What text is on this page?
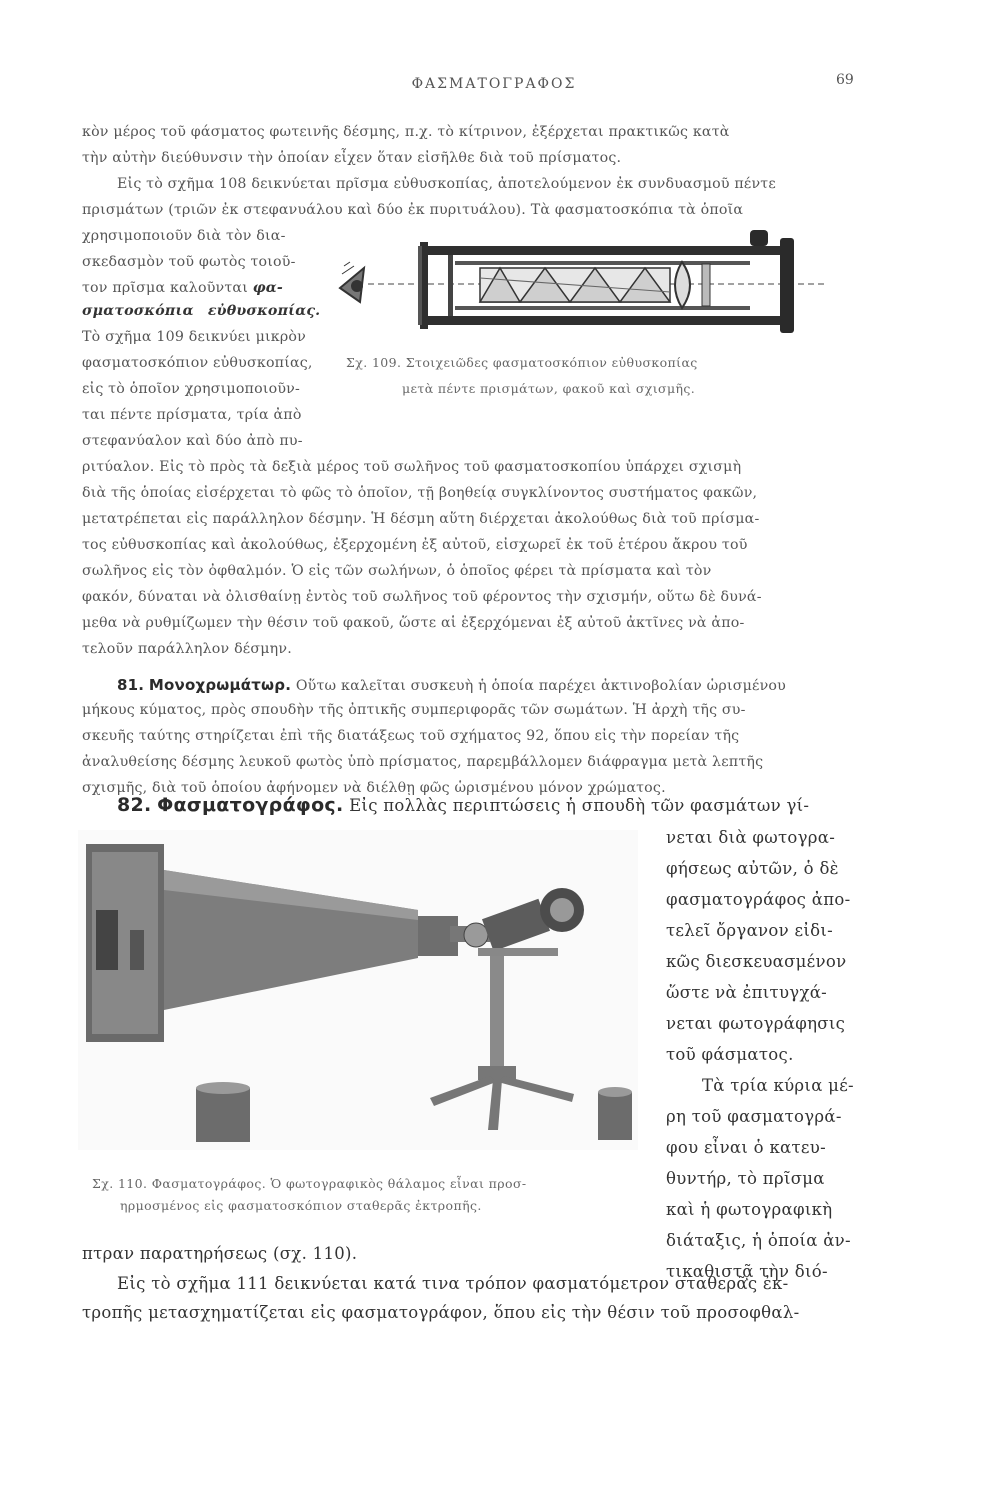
ΦΑΣΜΑΤΟΓΡΑΦΟΣ	69
κὸν μέρος τοῦ φάσματος φωτεινῆς δέσμης, π.χ. τὸ κίτρινον, ἐξέρχεται πρακτικῶς κατὰ
τὴν αὐτὴν διεύθυνσιν τὴν ὁποίαν εἶχεν ὅταν εἰσῆλθε διὰ τοῦ πρίσματος.
Εἰς τὸ σχῆμα 108 δεικνύεται πρῖσμα εὐθυσκοπίας, ἀποτελούμενον ἐκ συνδυασμοῦ πέντε
πρισμάτων (τριῶν ἐκ στεφανυάλου καὶ δύο ἐκ πυριτυάλου). Τὰ φασματοσκόπια τὰ ὁποῖα
χρησιμοποιοῦν διὰ τὸν δια-
σκεδασμὸν τοῦ φωτὸς τοιοῦ-
τον πρῖσμα καλοῦνται φα-
σματοσκόπια εὐθυσκοπίας.
Τὸ σχῆμα 109 δεικνύει μικρὸν
φασματοσκόπιον εὐθυσκοπίας,
εἰς τὸ ὁποῖον χρησιμοποιοῦν-
ται πέντε πρίσματα, τρία ἀπὸ
στεφανύαλον καὶ δύο ἀπὸ πυ-
Σχ. 109. Στοιχειῶδες φασματοσκόπιον εὐθυσκοπίας
μετὰ πέντε πρισμάτων, φακοῦ καὶ σχισμῆς.
ριτύαλον. Εἰς τὸ πρὸς τὰ δεξιὰ μέρος τοῦ σωλῆνος τοῦ φασματοσκοπίου ὑπάρχει σχισμὴ
διὰ τῆς ὁποίας εἰσέρχεται τὸ φῶς τὸ ὁποῖον, τῇ βοηθείᾳ συγκλίνοντος συστήματος φακῶν,
μετατρέπεται εἰς παράλληλον δέσμην. Ἡ δέσμη αὕτη διέρχεται ἀκολούθως διὰ τοῦ πρίσμα-
τος εὐθυσκοπίας καὶ ἀκολούθως, ἐξερχομένη ἐξ αὐτοῦ, εἰσχωρεῖ ἐκ τοῦ ἑτέρου ἄκρου τοῦ
σωλῆνος εἰς τὸν ὀφθαλμόν. Ὁ εἰς τῶν σωλήνων, ὁ ὁποῖος φέρει τὰ πρίσματα καὶ τὸν
φακόν, δύναται νὰ ὀλισθαίνῃ ἐντὸς τοῦ σωλῆνος τοῦ φέροντος τὴν σχισμήν, οὕτω δὲ δυνά-
μεθα νὰ ρυθμίζωμεν τὴν θέσιν τοῦ φακοῦ, ὥστε αἱ ἐξερχόμεναι ἐξ αὐτοῦ ἀκτῖνες νὰ ἀπο-
τελοῦν παράλληλον δέσμην.
81. Μονοχρωμάτωρ. Οὕτω καλεῖται συσκευὴ ἡ ὁποία παρέχει ἀκτινοβολίαν ὡρισμένου
μήκους κύματος, πρὸς σπουδὴν τῆς ὀπτικῆς συμπεριφορᾶς τῶν σωμάτων. Ἡ ἀρχὴ τῆς συ-
σκευῆς ταύτης στηρίζεται ἐπὶ τῆς διατάξεως τοῦ σχήματος 92, ὅπου εἰς τὴν πορείαν τῆς
ἀναλυθείσης δέσμης λευκοῦ φωτὸς ὑπὸ πρίσματος, παρεμβάλλομεν διάφραγμα μετὰ λεπτῆς
σχισμῆς, διὰ τοῦ ὁποίου ἀφήνομεν νὰ διέλθῃ φῶς ὡρισμένου μόνον χρώματος.
82. Φασματογράφος. Εἰς πολλὰς περιπτώσεις ἡ σπουδὴ τῶν φασμάτων γί-
νεται διὰ φωτογρα-
φήσεως αὐτῶν, ὁ δὲ
φασματογράφος ἀπο-
τελεῖ ὄργανον εἰδι-
κῶς διεσκευασμένον
ὥστε νὰ ἐπιτυγχά-
νεται φωτογράφησις
τοῦ φάσματος.
Τὰ τρία κύρια μέ-
ρη τοῦ φασματογρά-
φου εἶναι ὁ κατευ-
θυντήρ, τὸ πρῖσμα
καὶ ἡ φωτογραφικὴ
διάταξις, ἡ ὁποία ἀν-
τικαθιστᾷ τὴν διό-
Σχ. 110. Φασματογράφος. Ὁ φωτογραφικὸς θάλαμος εἶναι προσ-
ηρμοσμένος εἰς φασματοσκόπιον σταθερᾶς ἐκτροπῆς.
πτραν παρατηρήσεως (σχ. 110).
Εἰς τὸ σχῆμα 111 δεικνύεται κατά τινα τρόπον φασματόμετρον σταθερᾶς ἐκ-
τροπῆς μετασχηματίζεται εἰς φασματογράφον, ὅπου εἰς τὴν θέσιν τοῦ προσοφθαλ-
